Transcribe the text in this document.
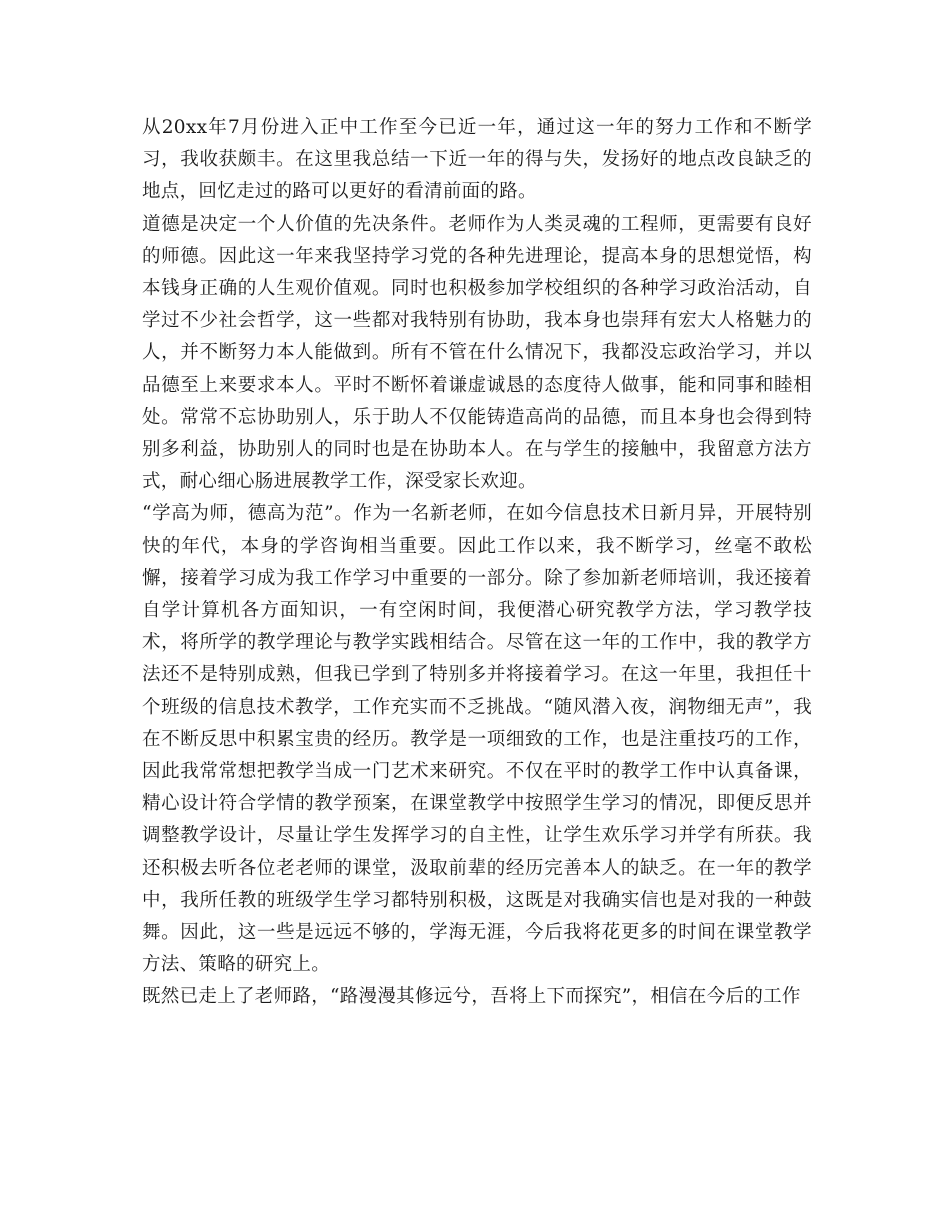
从20xx年7月份进入正中工作至今已近一年，通过这一年的努力工作和不断学习，我收获颇丰。在这里我总结一下近一年的得与失，发扬好的地点改良缺乏的地点，回忆走过的路可以更好的看清前面的路。

道德是决定一个人价值的先决条件。老师作为人类灵魂的工程师，更需要有良好的师德。因此这一年来我坚持学习党的各种先进理论，提高本身的思想觉悟，构本钱身正确的人生观价值观。同时也积极参加学校组织的各种学习政治活动，自学过不少社会哲学，这一些都对我特别有协助，我本身也崇拜有宏大人格魅力的人，并不断努力本人能做到。所有不管在什么情况下，我都没忘政治学习，并以品德至上来要求本人。平时不断怀着谦虚诚恳的态度待人做事，能和同事和睦相处。常常不忘协助别人，乐于助人不仅能铸造高尚的品德，而且本身也会得到特别多利益，协助别人的同时也是在协助本人。在与学生的接触中，我留意方法方式，耐心细心肠进展教学工作，深受家长欢迎。

“学高为师，德高为范”。作为一名新老师，在如今信息技术日新月异，开展特别快的年代，本身的学咨询相当重要。因此工作以来，我不断学习，丝毫不敢松懈，接着学习成为我工作学习中重要的一部分。除了参加新老师培训，我还接着自学计算机各方面知识，一有空闲时间，我便潜心研究教学方法，学习教学技术，将所学的教学理论与教学实践相结合。尽管在这一年的工作中，我的教学方法还不是特别成熟，但我已学到了特别多并将接着学习。在这一年里，我担任十个班级的信息技术教学，工作充实而不乏挑战。“随风潜入夜，润物细无声”，我在不断反思中积累宝贵的经历。教学是一项细致的工作，也是注重技巧的工作，因此我常常想把教学当成一门艺术来研究。不仅在平时的教学工作中认真备课，精心设计符合学情的教学预案，在课堂教学中按照学生学习的情况，即便反思并调整教学设计，尽量让学生发挥学习的自主性，让学生欢乐学习并学有所获。我还积极去听各位老老师的课堂，汲取前辈的经历完善本人的缺乏。在一年的教学中，我所任教的班级学生学习都特别积极，这既是对我确实信也是对我的一种鼓舞。因此，这一些是远远不够的，学海无涯，今后我将花更多的时间在课堂教学方法、策略的研究上。

既然已走上了老师路，“路漫漫其修远兮，吾将上下而探究”，相信在今后的工作
